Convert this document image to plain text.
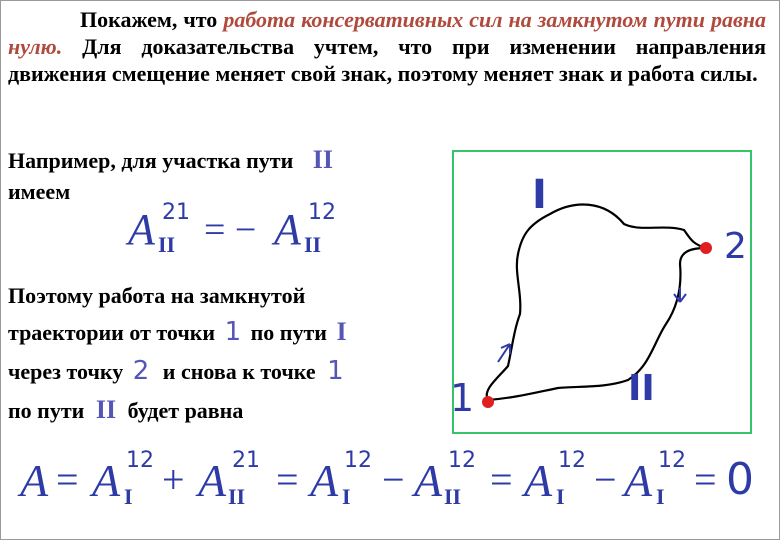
Покажем, что работа консервативных сил на замкнутом пути равна нулю. Для доказательства учтем, что при изменении направления движения смещение меняет свой знак, поэтому меняет знак и работа силы.
Например, для участка пути II
имеем
A 21
II = − A 12
II
Поэтому работа на замкнутой
траектории от точки 1 по пути I
через точку 2 и снова к точке 1
по пути II будет равна
I
II
2
1
A = A 12
I + A 21
II = A 12
I − A 12
II = A 12
I − A 12
I = 0
